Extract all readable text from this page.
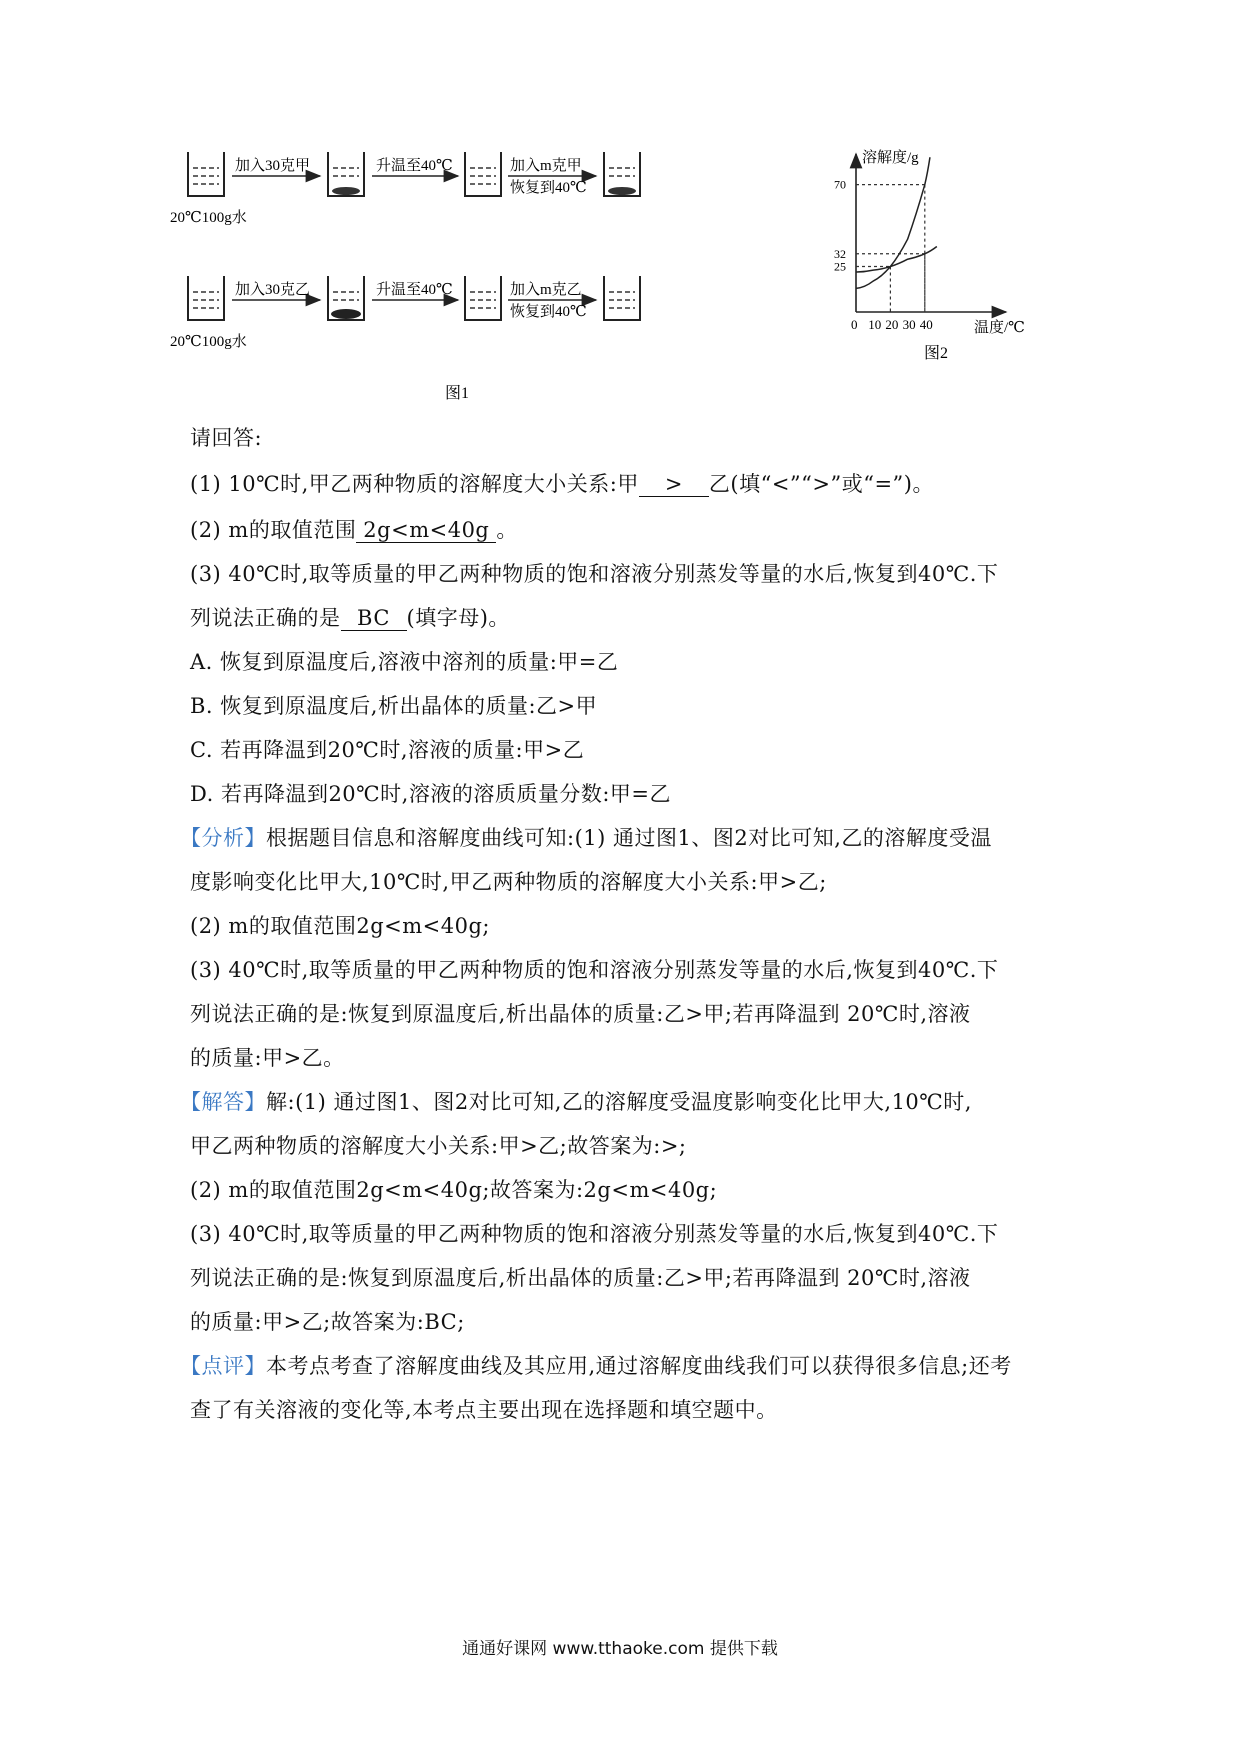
20℃100g水
加入30克甲	升温至40℃	加入m克甲
恢复到40℃
20℃100g水
加入30克乙	升温至40℃	加入m克乙
恢复到40℃
图1
溶解度/g
温度/℃
0 10 20 30 40
70
32
25
图2
请回答:
(1) 10℃时,甲乙两种物质的溶解度大小关系:甲 > 乙(填“<”“>”或“=”)。
(2) m的取值范围 2g<m<40g 。
(3) 40℃时,取等质量的甲乙两种物质的饱和溶液分别蒸发等量的水后,恢复到40℃.下
列说法正确的是 BC (填字母)。
A. 恢复到原温度后,溶液中溶剂的质量:甲=乙
B. 恢复到原温度后,析出晶体的质量:乙>甲
C. 若再降温到20℃时,溶液的质量:甲>乙
D. 若再降温到20℃时,溶液的溶质质量分数:甲=乙
【分析】根据题目信息和溶解度曲线可知:(1) 通过图1、图2对比可知,乙的溶解度受温
度影响变化比甲大,10℃时,甲乙两种物质的溶解度大小关系:甲>乙;
(2) m的取值范围2g<m<40g;
(3) 40℃时,取等质量的甲乙两种物质的饱和溶液分别蒸发等量的水后,恢复到40℃.下
列说法正确的是:恢复到原温度后,析出晶体的质量:乙>甲;若再降温到 20℃时,溶液
的质量:甲>乙。
【解答】解:(1) 通过图1、图2对比可知,乙的溶解度受温度影响变化比甲大,10℃时,
甲乙两种物质的溶解度大小关系:甲>乙;故答案为:>;
(2) m的取值范围2g<m<40g;故答案为:2g<m<40g;
(3) 40℃时,取等质量的甲乙两种物质的饱和溶液分别蒸发等量的水后,恢复到40℃.下
列说法正确的是:恢复到原温度后,析出晶体的质量:乙>甲;若再降温到 20℃时,溶液
的质量:甲>乙;故答案为:BC;
【点评】本考点考查了溶解度曲线及其应用,通过溶解度曲线我们可以获得很多信息;还考
查了有关溶液的变化等,本考点主要出现在选择题和填空题中。
通通好课网 www.tthaoke.com 提供下载
